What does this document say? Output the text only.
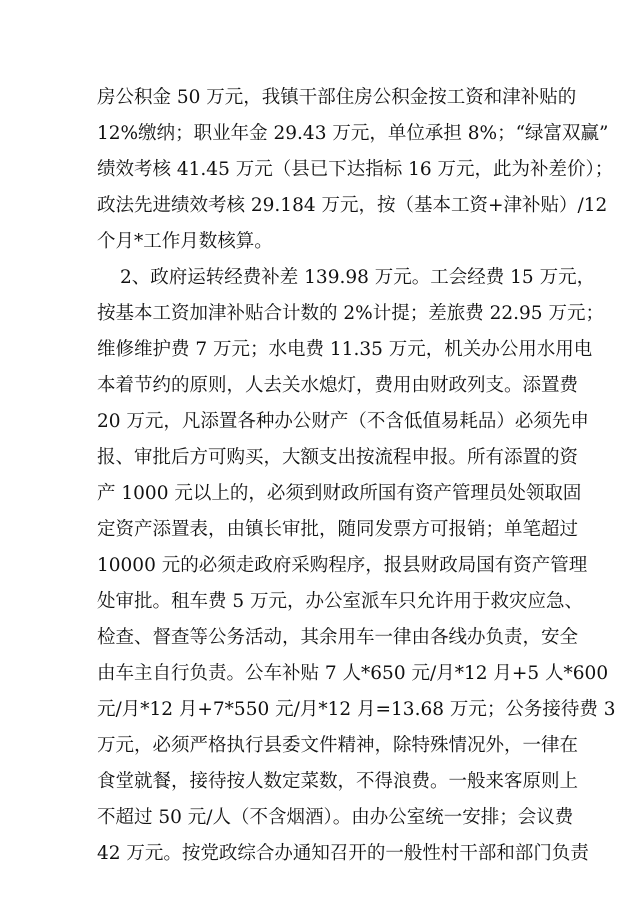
房公积金 50 万元，我镇干部住房公积金按工资和津补贴的
12%缴纳；职业年金 29.43 万元，单位承担 8%；“绿富双赢”
绩效考核 41.45 万元（县已下达指标 16 万元，此为补差价）；
政法先进绩效考核 29.184 万元，按（基本工资+津补贴）/12
个月*工作月数核算。
2、政府运转经费补差 139.98 万元。工会经费 15 万元，
按基本工资加津补贴合计数的 2%计提；差旅费 22.95 万元；
维修维护费 7 万元；水电费 11.35 万元，机关办公用水用电
本着节约的原则，人去关水熄灯，费用由财政列支。添置费
20 万元，凡添置各种办公财产（不含低值易耗品）必须先申
报、审批后方可购买，大额支出按流程申报。所有添置的资
产 1000 元以上的，必须到财政所国有资产管理员处领取固
定资产添置表，由镇长审批，随同发票方可报销；单笔超过
10000 元的必须走政府采购程序，报县财政局国有资产管理
处审批。租车费 5 万元，办公室派车只允许用于救灾应急、
检查、督查等公务活动，其余用车一律由各线办负责，安全
由车主自行负责。公车补贴 7 人*650 元/月*12 月+5 人*600
元/月*12 月+7*550 元/月*12 月=13.68 万元；公务接待费 3
万元，必须严格执行县委文件精神，除特殊情况外，一律在
食堂就餐，接待按人数定菜数，不得浪费。一般来客原则上
不超过 50 元/人（不含烟酒）。由办公室统一安排；会议费
42 万元。按党政综合办通知召开的一般性村干部和部门负责
